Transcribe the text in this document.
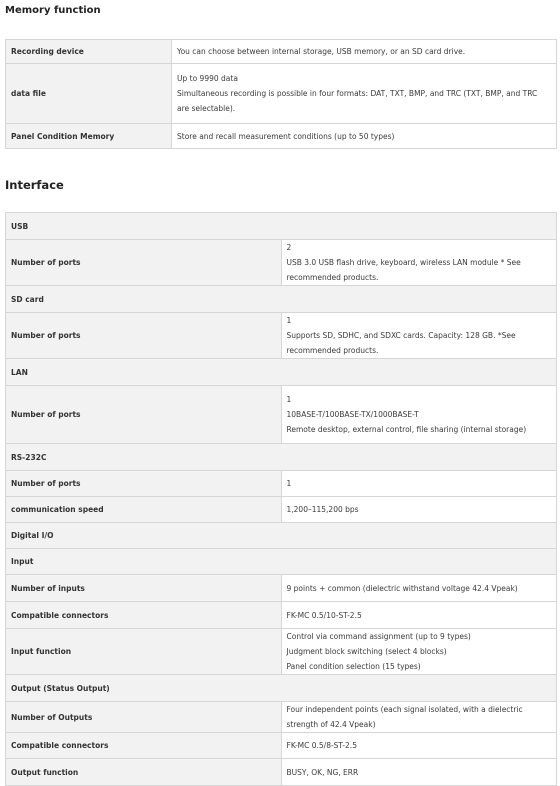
Memory function
Recording device	You can choose between internal storage, USB memory, or an SD card drive.

data file	Up to 9990 data
Simultaneous recording is possible in four formats: DAT, TXT, BMP, and TRC (TXT, BMP, and TRC are selectable).

Panel Condition Memory	Store and recall measurement conditions (up to 50 types)
Interface
USB	
Number of ports	2
USB 3.0 USB flash drive, keyboard, wireless LAN module * See recommended products.

SD card	
Number of ports	1
Supports SD, SDHC, and SDXC cards. Capacity: 128 GB. *See recommended products.

LAN	
Number of ports	1
10BASE-T/100BASE-TX/1000BASE-T
Remote desktop, external control, file sharing (internal storage)

RS-232C	
Number of ports	1

communication speed	1,200–115,200 bps

Digital I/O	
Input	
Number of inputs	9 points + common (dielectric withstand voltage 42.4 Vpeak)

Compatible connectors	FK-MC 0.5/10-ST-2.5

Input function	Control via command assignment (up to 9 types)
Judgment block switching (select 4 blocks)
Panel condition selection (15 types)

Output (Status Output)	
Number of Outputs	Four independent points (each signal isolated, with a dielectric strength of 42.4 Vpeak)

Compatible connectors	FK-MC 0.5/8-ST-2.5

Output function	BUSY, OK, NG, ERR
